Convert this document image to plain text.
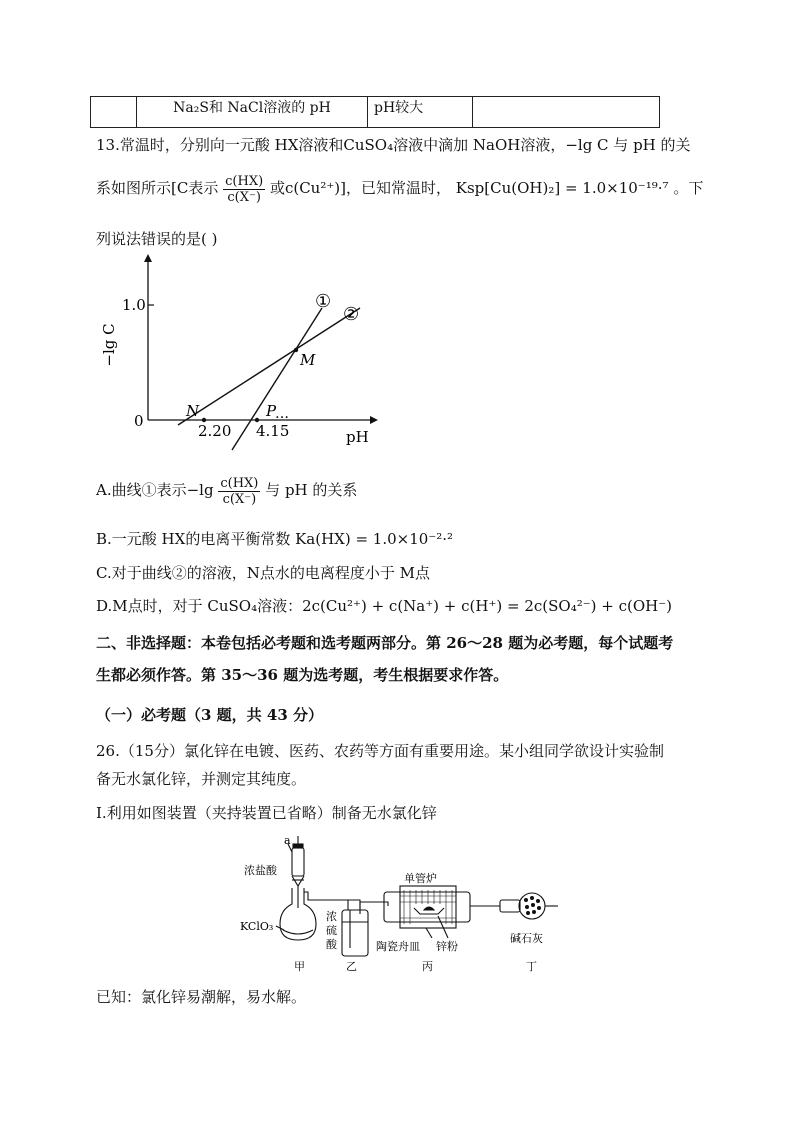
	Na₂S和 NaCl溶液的 pH	pH较大	
13.常温时，分别向一元酸 HX溶液和CuSO₄溶液中滴加 NaOH溶液，−lg C 与 pH 的关
系如图所示[C表示 $\frac{c(HX)}{c(X^-)}$ 或c(Cu²⁺)]，已知常温时， Ksp[Cu(OH)₂] = 1.0×10⁻¹⁹·⁷ 。下
列说法错误的是( )
…
−lg C
1.0
0
pH
①
②
M
N	P
2.20 4.15
A.曲线①表示$-\lg \frac{c(HX)}{c(X^-)}$ 与 pH 的关系
B.一元酸 HX的电离平衡常数 Ka(HX) = 1.0×10⁻²·²
C.对于曲线②的溶液，N点水的电离程度小于 M点
D.M点时，对于 CuSO₄溶液：2c(Cu²⁺) + c(Na⁺) + c(H⁺) = 2c(SO₄²⁻) + c(OH⁻)
二、非选择题：本卷包括必考题和选考题两部分。第 26～28 题为必考题，每个试题考
生都必须作答。第 35～36 题为选考题，考生根据要求作答。
（一）必考题（3 题，共 43 分）
26.（15分）氯化锌在电镀、医药、农药等方面有重要用途。某小组同学欲设计实验制
备无水氯化锌，并测定其纯度。
I.利用如图装置（夹持装置已省略）制备无水氯化锌
a
浓盐酸
KClO₃
浓
硫
酸
单管炉
陶瓷舟皿 锌粉
碱石灰
甲	乙	丙	丁
已知：氯化锌易潮解，易水解。
